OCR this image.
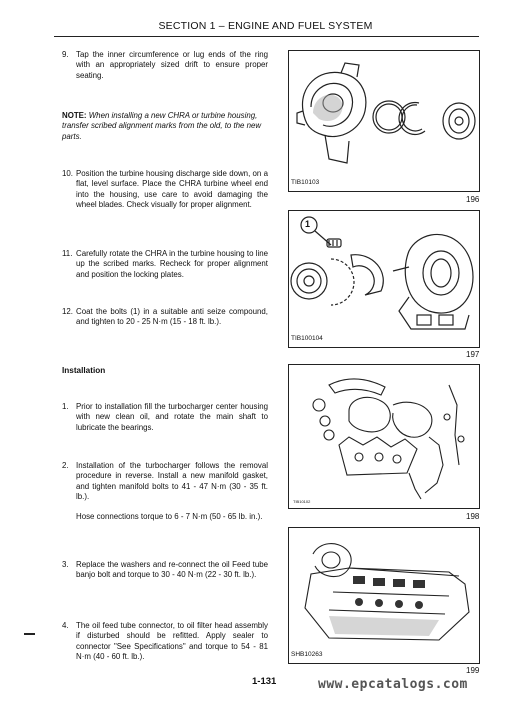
SECTION 1 – ENGINE AND FUEL SYSTEM
9. Tap the inner circumference or lug ends of the ring with an appropriately sized drift to ensure proper seating.
NOTE: When installing a new CHRA or turbine housing, transfer scribed alignment marks from the old, to the new parts.
10. Position the turbine housing discharge side down, on a flat, level surface. Place the CHRA turbine wheel end into the housing, use care to avoid damaging the wheel blades. Check visually for proper alignment.
11. Carefully rotate the CHRA in the turbine housing to line up the scribed marks. Recheck for proper alignment and position the locking plates.
12. Coat the bolts (1) in a suitable anti seize compound, and tighten to 20 - 25 N·m (15 - 18 ft. lb.).
Installation
1. Prior to installation fill the turbocharger center housing with new clean oil, and rotate the main shaft to lubricate the bearings.
2. Installation of the turbocharger follows the removal procedure in reverse. Install a new manifold gasket, and tighten manifold bolts to 41 - 47 N·m (30 - 35 ft. lb.).
Hose connections torque to 6 - 7 N·m (50 - 65 lb. in.).
3. Replace the washers and re-connect the oil Feed tube banjo bolt and torque to 30 - 40 N·m (22 - 30 ft. lb.).
4. The oil feed tube connector, to oil filter head assembly if disturbed should be refitted. Apply sealer to connector "See Specifications" and torque to 54 - 81 N·m (40 - 60 ft. lb.).
TIB10103
196
1
TIB100104
197
TIB10102
198
SHB10263
199
1-131	www.epcatalogs.com
